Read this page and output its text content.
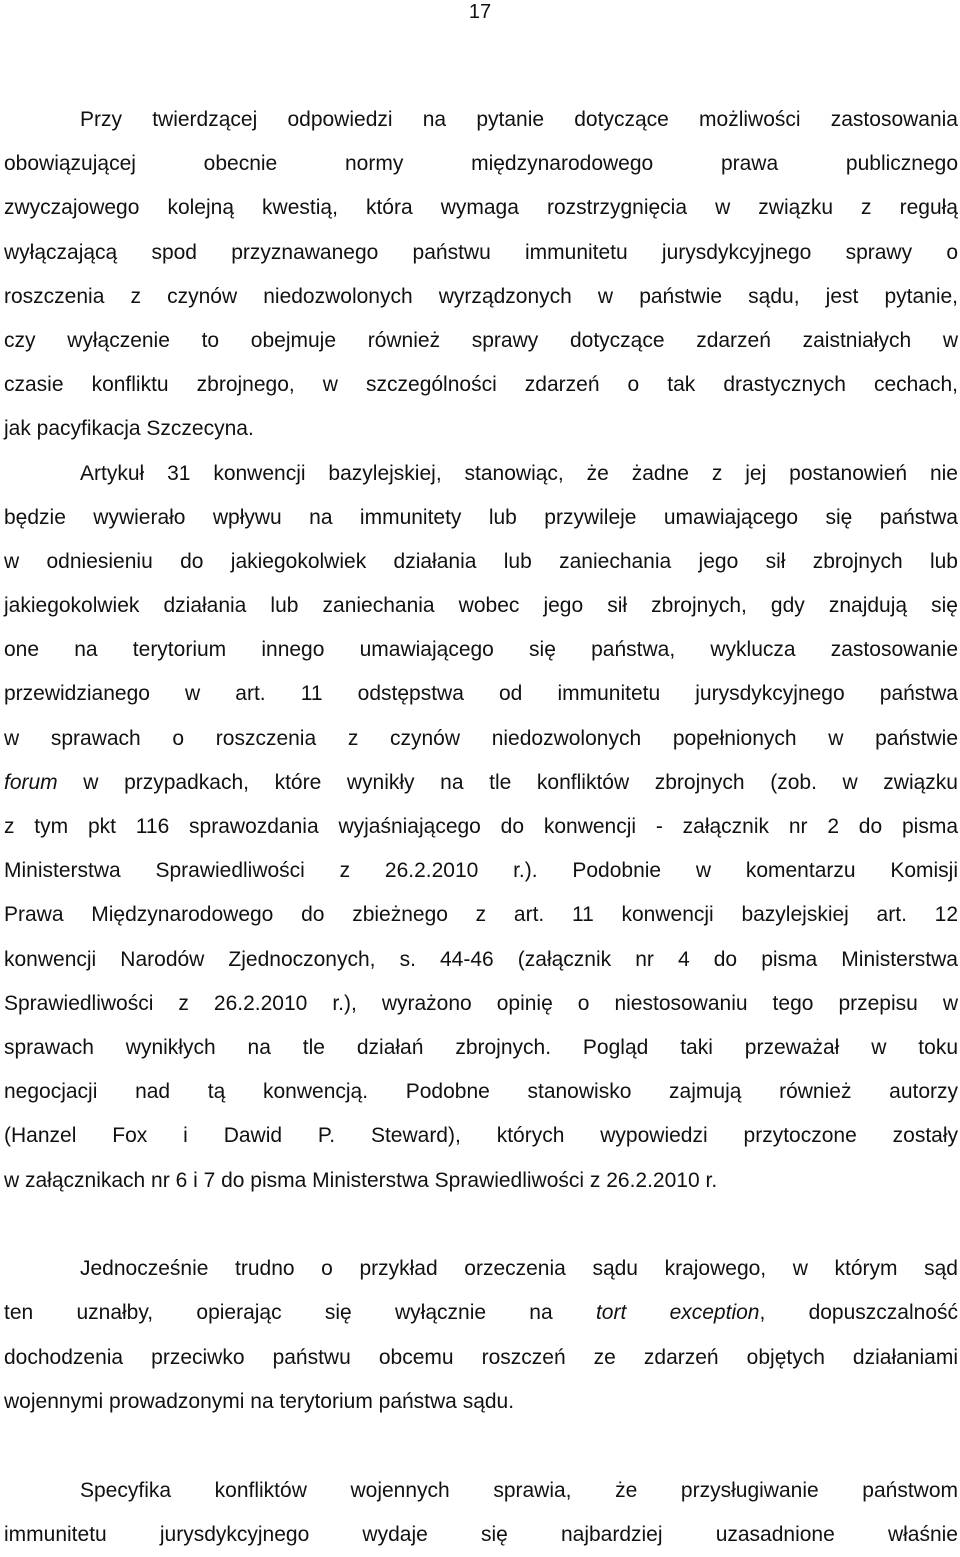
17
Przy twierdzącej odpowiedzi na pytanie dotyczące możliwości zastosowania
obowiązującej obecnie normy międzynarodowego prawa publicznego
zwyczajowego kolejną kwestią, która wymaga rozstrzygnięcia w związku z regułą
wyłączającą spod przyznawanego państwu immunitetu jurysdykcyjnego sprawy o
roszczenia z czynów niedozwolonych wyrządzonych w państwie sądu, jest pytanie,
czy wyłączenie to obejmuje również sprawy dotyczące zdarzeń zaistniałych w
czasie konfliktu zbrojnego, w szczególności zdarzeń o tak drastycznych cechach,
jak pacyfikacja Szczecyna.
Artykuł 31 konwencji bazylejskiej, stanowiąc, że żadne z jej postanowień nie
będzie wywierało wpływu na immunitety lub przywileje umawiającego się państwa
w odniesieniu do jakiegokolwiek działania lub zaniechania jego sił zbrojnych lub
jakiegokolwiek działania lub zaniechania wobec jego sił zbrojnych, gdy znajdują się
one na terytorium innego umawiającego się państwa, wyklucza zastosowanie
przewidzianego w art. 11 odstępstwa od immunitetu jurysdykcyjnego państwa
w sprawach o roszczenia z czynów niedozwolonych popełnionych w państwie
forum w przypadkach, które wynikły na tle konfliktów zbrojnych (zob. w związku
z tym pkt 116 sprawozdania wyjaśniającego do konwencji - załącznik nr 2 do pisma
Ministerstwa Sprawiedliwości z 26.2.2010 r.). Podobnie w komentarzu Komisji
Prawa Międzynarodowego do zbieżnego z art. 11 konwencji bazylejskiej art. 12
konwencji Narodów Zjednoczonych, s. 44-46 (załącznik nr 4 do pisma Ministerstwa
Sprawiedliwości z 26.2.2010 r.), wyrażono opinię o niestosowaniu tego przepisu w
sprawach wynikłych na tle działań zbrojnych. Pogląd taki przeważał w toku
negocjacji nad tą konwencją. Podobne stanowisko zajmują również autorzy
(Hanzel Fox i Dawid P. Steward), których wypowiedzi przytoczone zostały
w załącznikach nr 6 i 7 do pisma Ministerstwa Sprawiedliwości z 26.2.2010 r.
Jednocześnie trudno o przykład orzeczenia sądu krajowego, w którym sąd
ten uznałby, opierając się wyłącznie na tort exception, dopuszczalność
dochodzenia przeciwko państwu obcemu roszczeń ze zdarzeń objętych działaniami
wojennymi prowadzonymi na terytorium państwa sądu.
Specyfika konfliktów wojennych sprawia, że przysługiwanie państwom
immunitetu jurysdykcyjnego wydaje się najbardziej uzasadnione właśnie
